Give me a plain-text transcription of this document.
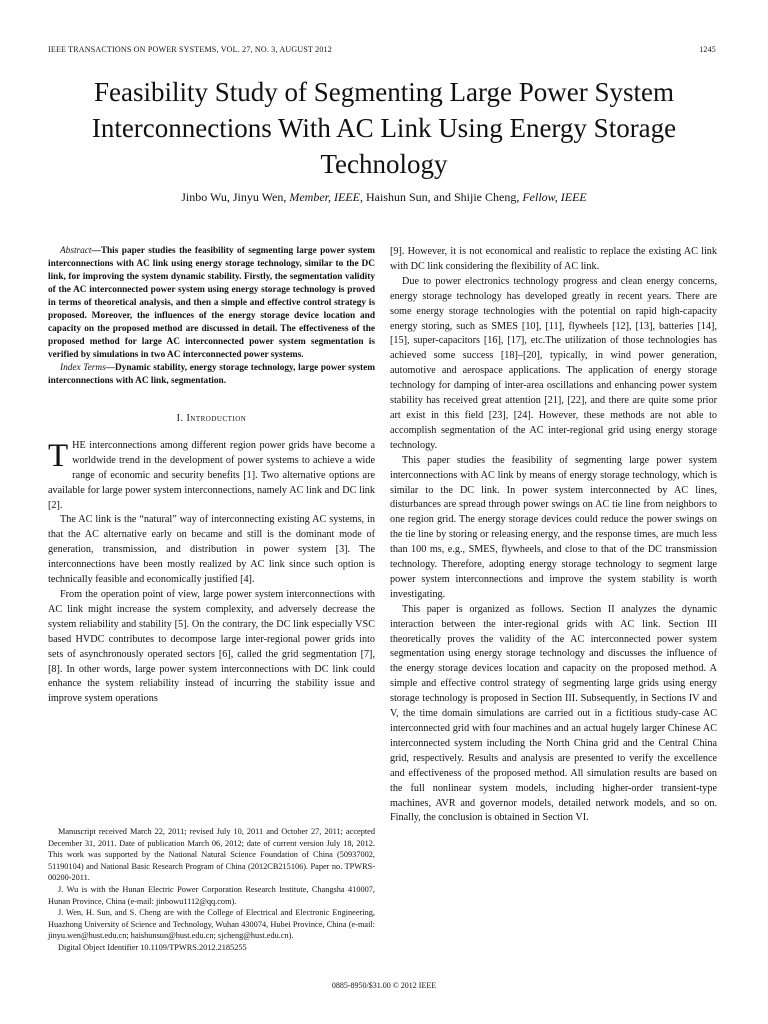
IEEE TRANSACTIONS ON POWER SYSTEMS, VOL. 27, NO. 3, AUGUST 2012	1245
Feasibility Study of Segmenting Large Power System Interconnections With AC Link Using Energy Storage Technology
Jinbo Wu, Jinyu Wen, Member, IEEE, Haishun Sun, and Shijie Cheng, Fellow, IEEE

Abstract—This paper studies the feasibility of segmenting large power system interconnections with AC link using energy storage technology, similar to the DC link, for improving the system dynamic stability. Firstly, the segmentation validity of the AC interconnected power system using energy storage technology is proved in terms of theoretical analysis, and then a simple and effective control strategy is proposed. Moreover, the influences of the energy storage device location and capacity on the proposed method are discussed in detail. The effectiveness of the proposed method for large AC interconnected power system segmentation is verified by simulations in two AC interconnected power systems.

Index Terms—Dynamic stability, energy storage technology, large power system interconnections with AC link, segmentation.

I. Introduction

THE interconnections among different region power grids have become a worldwide trend in the development of power systems to achieve a wide range of economic and security benefits [1]. Two alternative options are available for large power system interconnections, namely AC link and DC link [2].

The AC link is the “natural” way of interconnecting existing AC systems, in that the AC alternative early on became and still is the dominant mode of generation, transmission, and distribution in power system [3]. The interconnections have been mostly realized by AC link since such option is technically feasible and economically justified [4].

From the operation point of view, large power system interconnections with AC link might increase the system complexity, and adversely decrease the system reliability and stability [5]. On the contrary, the DC link especially VSC based HVDC contributes to decompose large inter-regional power grids into sets of asynchronously operated sectors [6], called the grid segmentation [7], [8]. In other words, large power system interconnections with DC link could enhance the system reliability instead of incurring the stability issue and improve system operations

Manuscript received March 22, 2011; revised July 10, 2011 and October 27, 2011; accepted December 31, 2011. Date of publication March 06, 2012; date of current version July 18, 2012. This work was supported by the National Natural Science Foundation of China (50937002, 51190104) and National Basic Research Program of China (2012CB215106). Paper no. TPWRS-00200-2011.

J. Wu is with the Hunan Electric Power Corporation Research Institute, Changsha 410007, Hunan Province, China (e-mail: jinbowu1112@qq.com).

J. Wen, H. Sun, and S. Cheng are with the College of Electrical and Electronic Engineering, Huazhong University of Science and Technology, Wuhan 430074, Hubei Province, China (e-mail: jinyu.wen@hust.edu.cn; haishunsun@hust.edu.cn; sjcheng@hust.edu.cn).

Digital Object Identifier 10.1109/TPWRS.2012.2185255

[9]. However, it is not economical and realistic to replace the existing AC link with DC link considering the flexibility of AC link.

Due to power electronics technology progress and clean energy concerns, energy storage technology has developed greatly in recent years. There are some energy storage technologies with the potential on rapid high-capacity energy storing, such as SMES [10], [11], flywheels [12], [13], batteries [14], [15], super-capacitors [16], [17], etc.The utilization of those technologies has achieved some success [18]–[20], typically, in wind power generation, automotive and aerospace applications. The application of energy storage technology for damping of inter-area oscillations and enhancing power system stability has received great attention [21], [22], and there are quite some prior art exist in this field [23], [24]. However, these methods are not able to accomplish segmentation of the AC inter-regional grid using energy storage technology.

This paper studies the feasibility of segmenting large power system interconnections with AC link by means of energy storage technology, which is similar to the DC link. In power system interconnected by AC lines, disturbances are spread through power swings on AC tie line from neighbors to one region grid. The energy storage devices could reduce the power swings on the tie line by storing or releasing energy, and the response times, are much less than 100 ms, e.g., SMES, flywheels, and close to that of the DC transmission technology. Therefore, adopting energy storage technology to segment large power system interconnections and improve the system stability is worth investigating.

This paper is organized as follows. Section II analyzes the dynamic interaction between the inter-regional grids with AC link. Section III theoretically proves the validity of the AC interconnected power system segmentation using energy storage technology and discusses the influence of the energy storage devices location and capacity on the proposed method. A simple and effective control strategy of segmenting large grids using energy storage technology is proposed in Section III. Subsequently, in Sections IV and V, the time domain simulations are carried out in a fictitious study-case AC interconnected grid with four machines and an actual hugely larger Chinese AC interconnected system including the North China grid and the Central China grid, respectively. Results and analysis are presented to verify the excellence and effectiveness of the proposed method. All simulation results are based on the full nonlinear system models, including higher-order transient-type machines, AVR and governor models, detailed network models, and so on. Finally, the conclusion is obtained in Section VI.

0885-8950/$31.00 © 2012 IEEE
